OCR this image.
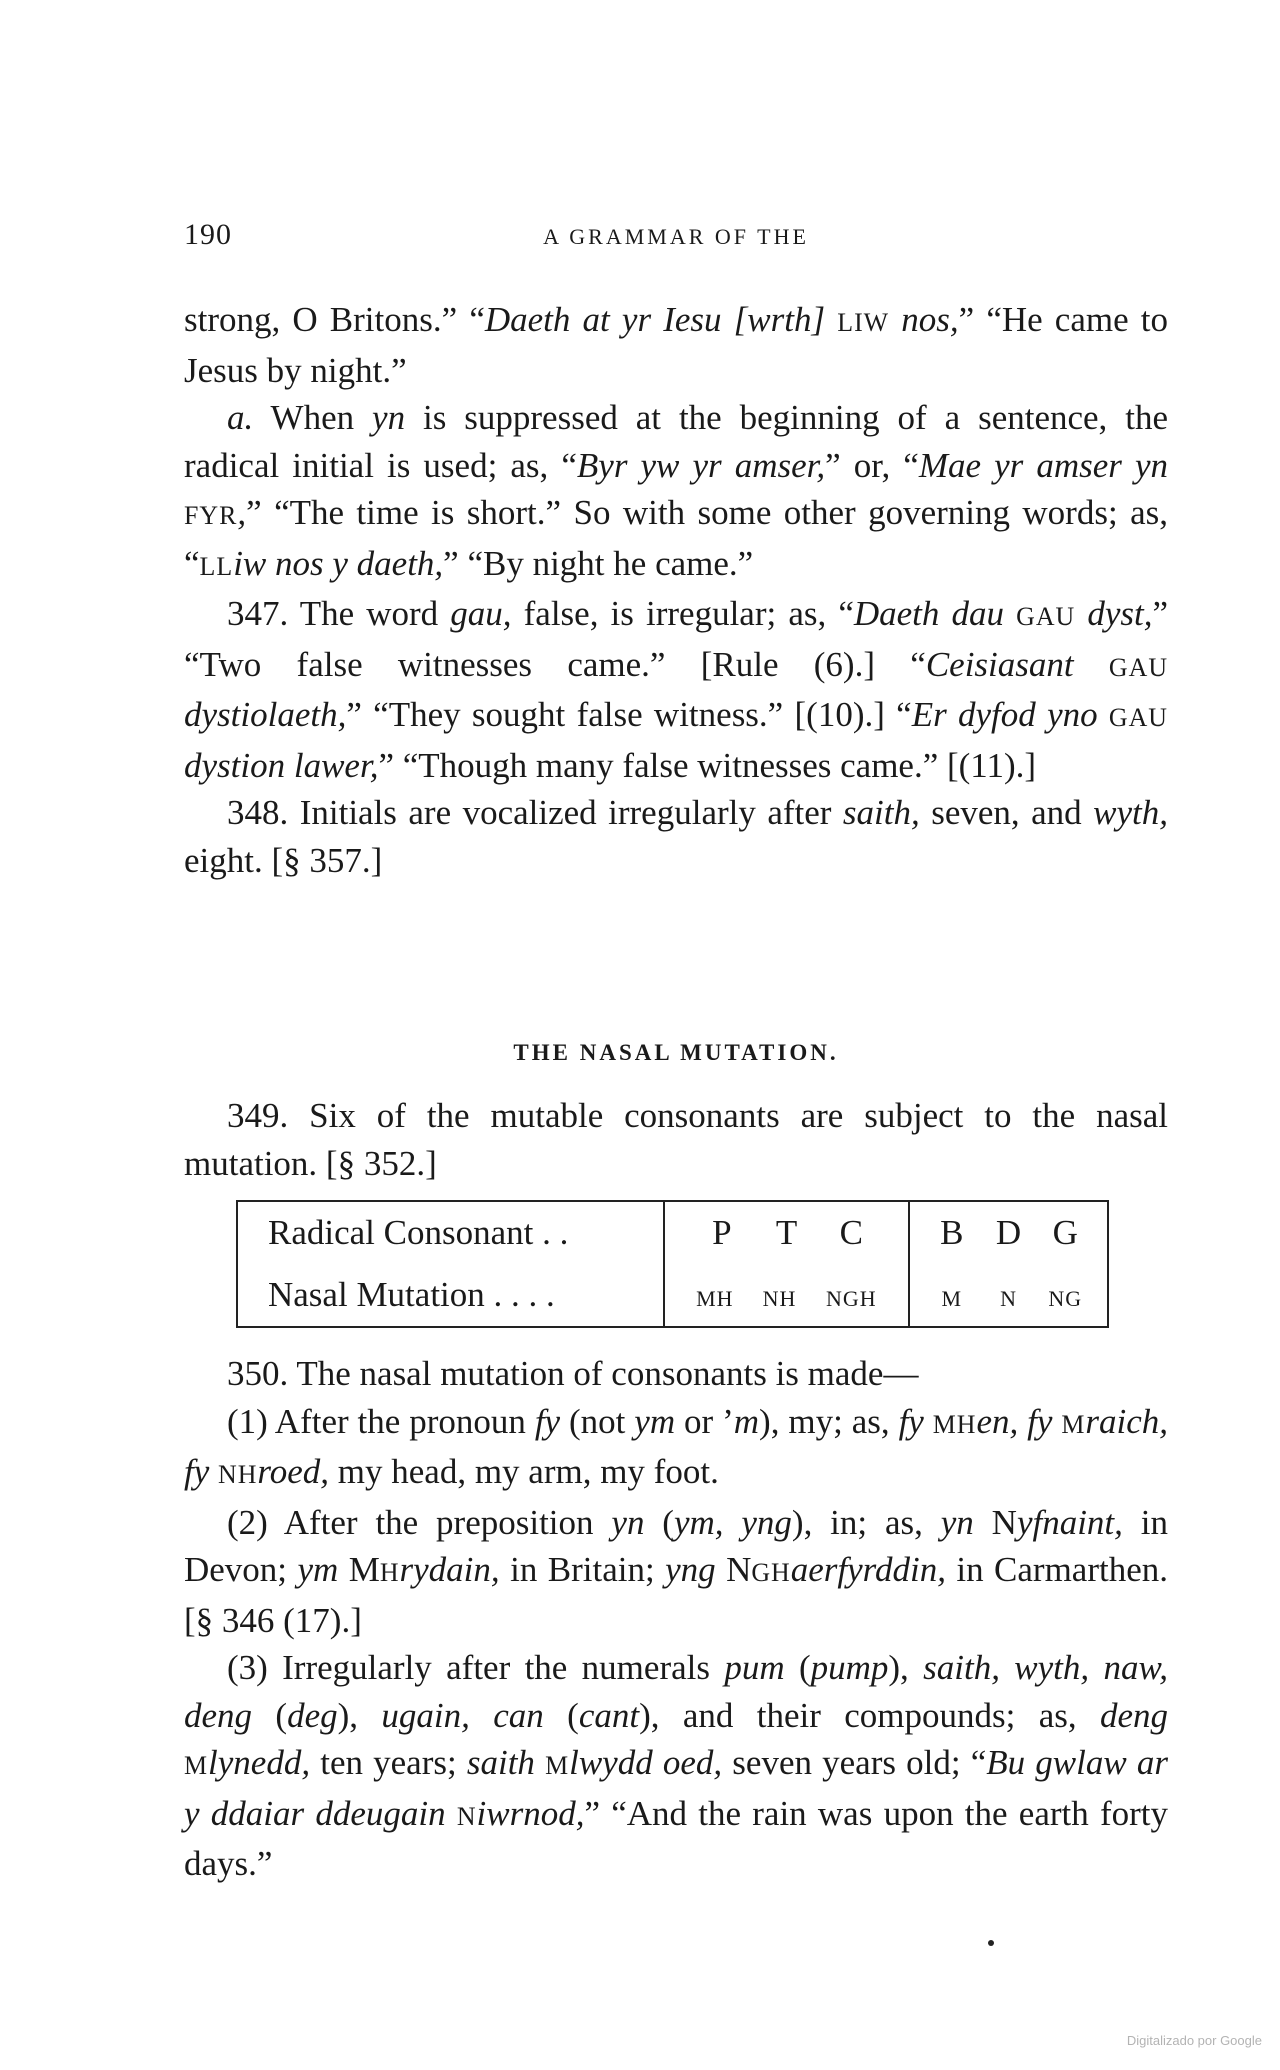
190	A GRAMMAR OF THE

strong, O Britons.” “Daeth at yr Iesu [wrth] LIW nos,” “He came to Jesus by night.”

a. When yn is suppressed at the beginning of a sentence, the radical initial is used; as, “Byr yw yr amser,” or, “Mae yr amser yn FYR,” “The time is short.” So with some other governing words; as, “LLiw nos y daeth,” “By night he came.”

347. The word gau, false, is irregular; as, “Daeth dau GAU dyst,” “Two false witnesses came.” [Rule (6).] “Ceisiasant GAU dystiolaeth,” “They sought false witness.” [(10).] “Er dyfod yno GAU dystion lawer,” “Though many false witnesses came.” [(11).]

348. Initials are vocalized irregularly after saith, seven, and wyth, eight. [§ 357.]

THE NASAL MUTATION.

349. Six of the mutable consonants are subject to the nasal mutation. [§ 352.]

Radical Consonant . .	P T C	B D G
Nasal Mutation . . . .	MH NH NGH	M N NG

350. The nasal mutation of consonants is made—

(1) After the pronoun fy (not ym or ’m), my; as, fy MHen, fy Mraich, fy NHroed, my head, my arm, my foot.

(2) After the preposition yn (ym, yng), in; as, yn Nyfnaint, in Devon; ym MHrydain, in Britain; yng NGHaerfyrddin, in Carmarthen. [§ 346 (17).]

(3) Irregularly after the numerals pum (pump), saith, wyth, naw, deng (deg), ugain, can (cant), and their compounds; as, deng Mlynedd, ten years; saith Mlwydd oed, seven years old; “Bu gwlaw ar y ddaiar ddeugain Niwrnod,” “And the rain was upon the earth forty days.”

Digitalizado por Google
